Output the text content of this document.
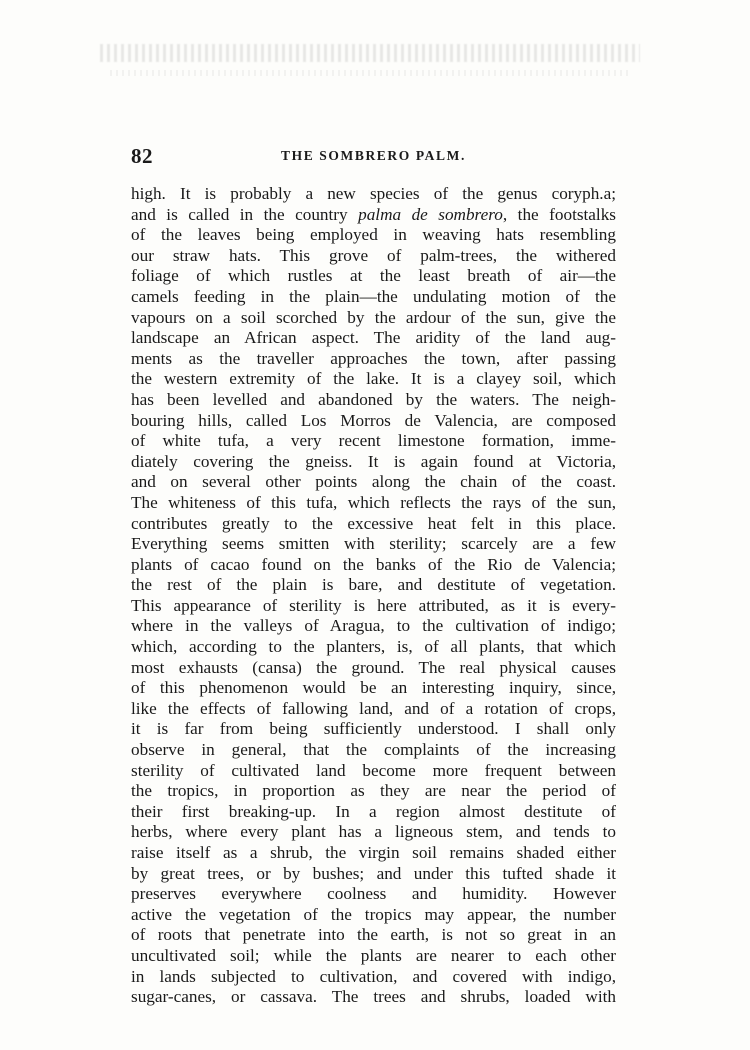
82	THE SOMBRERO PALM.
high. It is probably a new species of the genus coryph.a;
and is called in the country palma de sombrero, the footstalks
of the leaves being employed in weaving hats resembling
our straw hats. This grove of palm-trees, the withered
foliage of which rustles at the least breath of air—the
camels feeding in the plain—the undulating motion of the
vapours on a soil scorched by the ardour of the sun, give the
landscape an African aspect. The aridity of the land aug-
ments as the traveller approaches the town, after passing
the western extremity of the lake. It is a clayey soil, which
has been levelled and abandoned by the waters. The neigh-
bouring hills, called Los Morros de Valencia, are composed
of white tufa, a very recent limestone formation, imme-
diately covering the gneiss. It is again found at Victoria,
and on several other points along the chain of the coast.
The whiteness of this tufa, which reflects the rays of the sun,
contributes greatly to the excessive heat felt in this place.
Everything seems smitten with sterility; scarcely are a few
plants of cacao found on the banks of the Rio de Valencia;
the rest of the plain is bare, and destitute of vegetation.
This appearance of sterility is here attributed, as it is every-
where in the valleys of Aragua, to the cultivation of indigo;
which, according to the planters, is, of all plants, that which
most exhausts (cansa) the ground. The real physical causes
of this phenomenon would be an interesting inquiry, since,
like the effects of fallowing land, and of a rotation of crops,
it is far from being sufficiently understood. I shall only
observe in general, that the complaints of the increasing
sterility of cultivated land become more frequent between
the tropics, in proportion as they are near the period of
their first breaking-up. In a region almost destitute of
herbs, where every plant has a ligneous stem, and tends to
raise itself as a shrub, the virgin soil remains shaded either
by great trees, or by bushes; and under this tufted shade it
preserves everywhere coolness and humidity. However
active the vegetation of the tropics may appear, the number
of roots that penetrate into the earth, is not so great in an
uncultivated soil; while the plants are nearer to each other
in lands subjected to cultivation, and covered with indigo,
sugar-canes, or cassava. The trees and shrubs, loaded with
